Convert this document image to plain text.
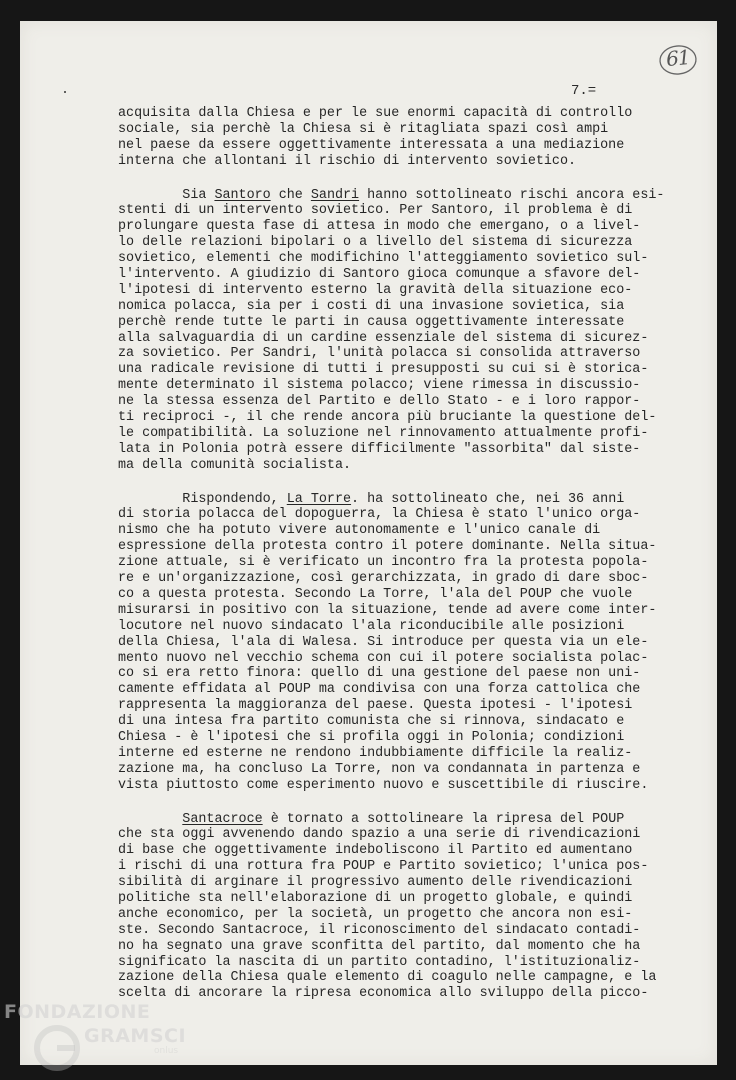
61
7.=
acquisita dalla Chiesa e per le sue enormi capacità di controllo
sociale, sia perchè la Chiesa si è ritagliata spazi così ampi
nel paese da essere oggettivamente interessata a una mediazione
interna che allontani il rischio di intervento sovietico.
Sia Santoro che Sandri hanno sottolineato rischi ancora esi-
stenti di un intervento sovietico. Per Santoro, il problema è di
prolungare questa fase di attesa in modo che emergano, o a livel-
lo delle relazioni bipolari o a livello del sistema di sicurezza
sovietico, elementi che modifichino l'atteggiamento sovietico sul-
l'intervento. A giudizio di Santoro gioca comunque a sfavore del-
l'ipotesi di intervento esterno la gravità della situazione eco-
nomica polacca, sia per i costi di una invasione sovietica, sia
perchè rende tutte le parti in causa oggettivamente interessate
alla salvaguardia di un cardine essenziale del sistema di sicurez-
za sovietico. Per Sandri, l'unità polacca si consolida attraverso
una radicale revisione di tutti i presupposti su cui si è storica-
mente determinato il sistema polacco; viene rimessa in discussio-
ne la stessa essenza del Partito e dello Stato - e i loro rappor-
ti reciproci -, il che rende ancora più bruciante la questione del-
le compatibilità. La soluzione nel rinnovamento attualmente profi-
lata in Polonia potrà essere difficilmente "assorbita" dal siste-
ma della comunità socialista.
Rispondendo, La Torre. ha sottolineato che, nei 36 anni
di storia polacca del dopoguerra, la Chiesa è stato l'unico orga-
nismo che ha potuto vivere autonomamente e l'unico canale di
espressione della protesta contro il potere dominante. Nella situa-
zione attuale, si è verificato un incontro fra la protesta popola-
re e un'organizzazione, così gerarchizzata, in grado di dare sboc-
co a questa protesta. Secondo La Torre, l'ala del POUP che vuole
misurarsi in positivo con la situazione, tende ad avere come inter-
locutore nel nuovo sindacato l'ala riconducibile alle posizioni
della Chiesa, l'ala di Walesa. Si introduce per questa via un ele-
mento nuovo nel vecchio schema con cui il potere socialista polac-
co si era retto finora: quello di una gestione del paese non uni-
camente effidata al POUP ma condivisa con una forza cattolica che
rappresenta la maggioranza del paese. Questa ipotesi - l'ipotesi
di una intesa fra partito comunista che si rinnova, sindacato e
Chiesa - è l'ipotesi che si profila oggi in Polonia; condizioni
interne ed esterne ne rendono indubbiamente difficile la realiz-
zazione ma, ha concluso La Torre, non va condannata in partenza e
vista piuttosto come esperimento nuovo e suscettibile di riuscire.
Santacroce è tornato a sottolineare la ripresa del POUP
che sta oggi avvenendo dando spazio a una serie di rivendicazioni
di base che oggettivamente indeboliscono il Partito ed aumentano
i rischi di una rottura fra POUP e Partito sovietico; l'unica pos-
sibilità di arginare il progressivo aumento delle rivendicazioni
politiche sta nell'elaborazione di un progetto globale, e quindi
anche economico, per la società, un progetto che ancora non esi-
ste. Secondo Santacroce, il riconoscimento del sindacato contadi-
no ha segnato una grave sconfitta del partito, dal momento che ha
significato la nascita di un partito contadino, l'istituzionaliz-
zazione della Chiesa quale elemento di coagulo nelle campagne, e la
scelta di ancorare la ripresa economica allo sviluppo della picco-
FONDAZIONE
GRAMSCI
onlus
